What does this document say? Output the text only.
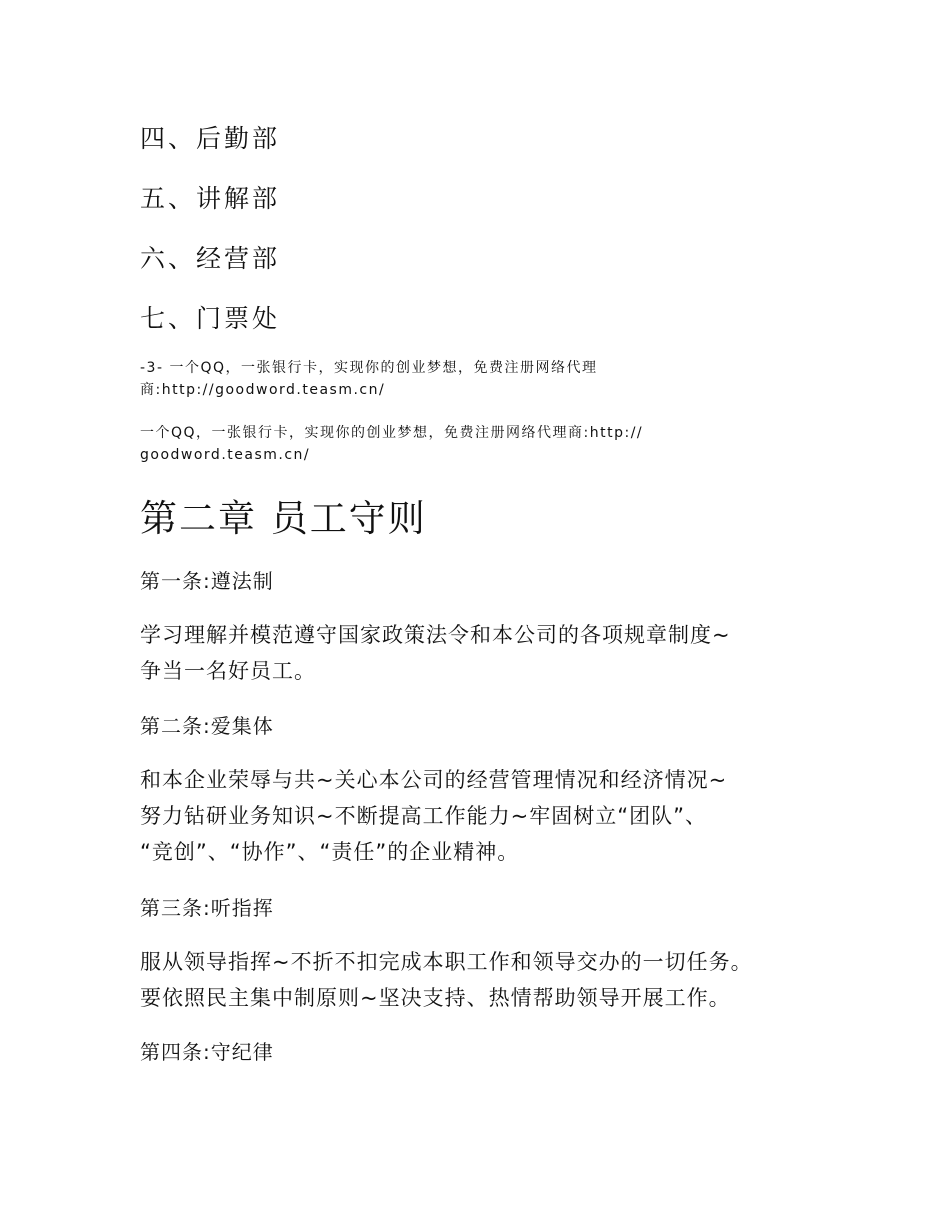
四、后勤部
五、讲解部
六、经营部
七、门票处
-3- 一个QQ，一张银行卡，实现你的创业梦想，免费注册网络代理
商:http://goodword.teasm.cn/
一个QQ，一张银行卡，实现你的创业梦想，免费注册网络代理商:http://
goodword.teasm.cn/
第二章 员工守则
第一条:遵法制
学习理解并模范遵守国家政策法令和本公司的各项规章制度~
争当一名好员工。
第二条:爱集体
和本企业荣辱与共~关心本公司的经营管理情况和经济情况~
努力钻研业务知识~不断提高工作能力~牢固树立“团队”、
“竞创”、“协作”、“责任”的企业精神。
第三条:听指挥
服从领导指挥~不折不扣完成本职工作和领导交办的一切任务。
要依照民主集中制原则~坚决支持、热情帮助领导开展工作。
第四条:守纪律
